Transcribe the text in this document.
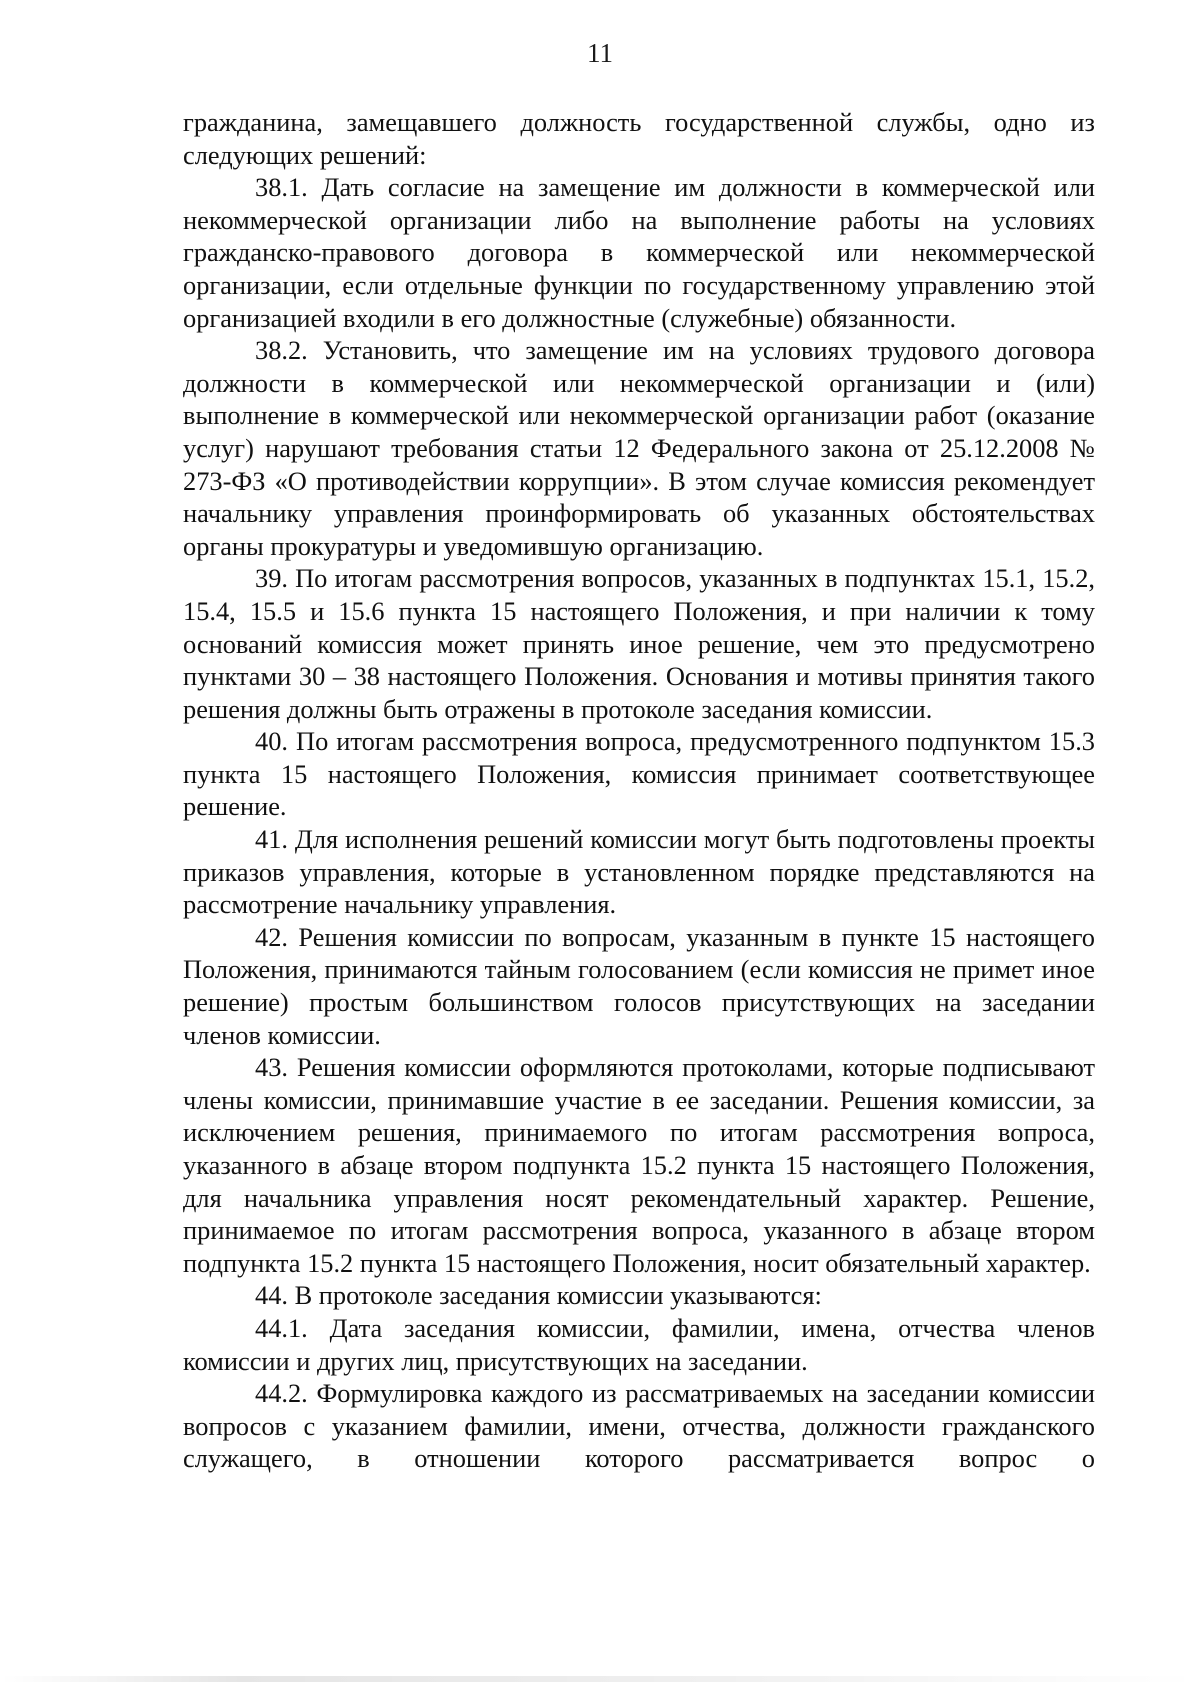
11

гражданина, замещавшего должность государственной службы, одно из следующих решений:

38.1. Дать согласие на замещение им должности в коммерческой или некоммерческой организации либо на выполнение работы на условиях гражданско-правового договора в коммерческой или некоммерческой организации, если отдельные функции по государственному управлению этой организацией входили в его должностные (служебные) обязанности.

38.2. Установить, что замещение им на условиях трудового договора должности в коммерческой или некоммерческой организации и (или) выполнение в коммерческой или некоммерческой организации работ (оказание услуг) нарушают требования статьи 12 Федерального закона от 25.12.2008 № 273-ФЗ «О противодействии коррупции». В этом случае комиссия рекомендует начальнику управления проинформировать об указанных обстоятельствах органы прокуратуры и уведомившую организацию.

39. По итогам рассмотрения вопросов, указанных в подпунктах 15.1, 15.2, 15.4, 15.5 и 15.6 пункта 15 настоящего Положения, и при наличии к тому оснований комиссия может принять иное решение, чем это предусмотрено пунктами 30 – 38 настоящего Положения. Основания и мотивы принятия такого решения должны быть отражены в протоколе заседания комиссии.

40. По итогам рассмотрения вопроса, предусмотренного подпунктом 15.3 пункта 15 настоящего Положения, комиссия принимает соответствующее решение.

41. Для исполнения решений комиссии могут быть подготовлены проекты приказов управления, которые в установленном порядке представляются на рассмотрение начальнику управления.

42. Решения комиссии по вопросам, указанным в пункте 15 настоящего Положения, принимаются тайным голосованием (если комиссия не примет иное решение) простым большинством голосов присутствующих на заседании членов комиссии.

43. Решения комиссии оформляются протоколами, которые подписывают члены комиссии, принимавшие участие в ее заседании. Решения комиссии, за исключением решения, принимаемого по итогам рассмотрения вопроса, указанного в абзаце втором подпункта 15.2 пункта 15 настоящего Положения, для начальника управления носят рекомендательный характер. Решение, принимаемое по итогам рассмотрения вопроса, указанного в абзаце втором подпункта 15.2 пункта 15 настоящего Положения, носит обязательный характер.

44. В протоколе заседания комиссии указываются:

44.1. Дата заседания комиссии, фамилии, имена, отчества членов комиссии и других лиц, присутствующих на заседании.

44.2. Формулировка каждого из рассматриваемых на заседании комиссии вопросов с указанием фамилии, имени, отчества, должности гражданского служащего, в отношении которого рассматривается вопрос о
